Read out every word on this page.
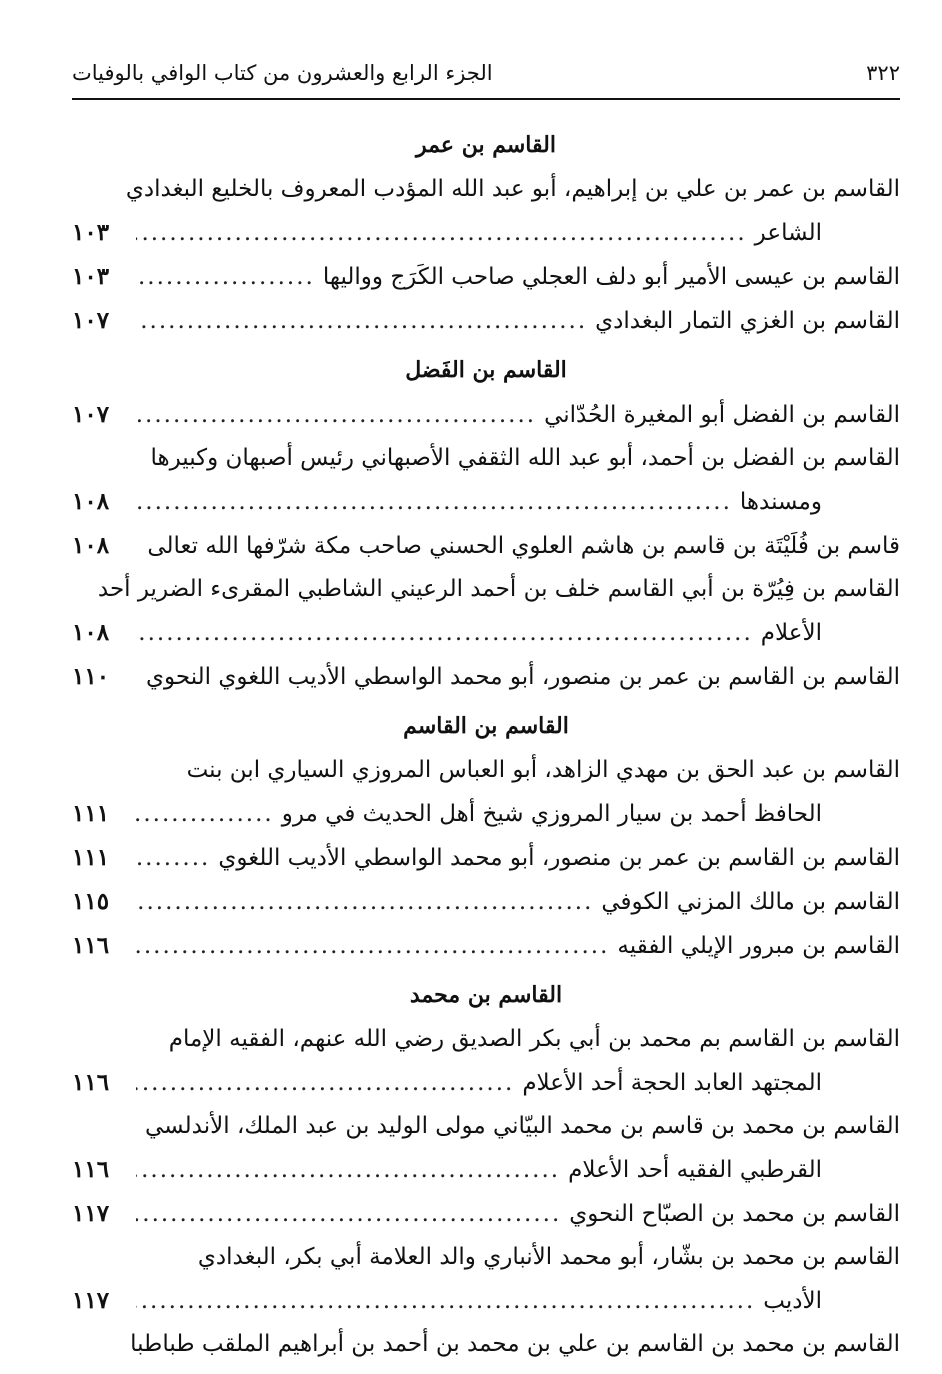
٣٢٢
الجزء الرابع والعشرون من كتاب الوافي بالوفيات
القاسم بن عمر
القاسم بن عمر بن علي بن إبراهيم، أبو عبد الله المؤدب المعروف بالخليع البغدادي
الشاعر
.....
١٠٣
القاسم بن عيسى الأمير أبو دلف العجلي صاحب الكَرَج وواليها
.....
١٠٣
القاسم بن الغزي التمار البغدادي
.....
١٠٧
القاسم بن الفَضل
القاسم بن الفضل أبو المغيرة الحُدّاني
.....
١٠٧
القاسم بن الفضل بن أحمد، أبو عبد الله الثقفي الأصبهاني رئيس أصبهان وكبيرها
ومسندها
.....
١٠٨
قاسم بن فُلَيْتَة بن قاسم بن هاشم العلوي الحسني صاحب مكة شرّفها الله تعالى
.....
١٠٨
القاسم بن فِيُرّة بن أبي القاسم خلف بن أحمد الرعيني الشاطبي المقرىء الضرير أحد
الأعلام
.....
١٠٨
القاسم بن القاسم بن عمر بن منصور، أبو محمد الواسطي الأديب اللغوي النحوي
.....
١١٠
القاسم بن القاسم
القاسم بن عبد الحق بن مهدي الزاهد، أبو العباس المروزي السياري ابن بنت
الحافظ أحمد بن سيار المروزي شيخ أهل الحديث في مرو
.....
١١١
القاسم بن القاسم بن عمر بن منصور، أبو محمد الواسطي الأديب اللغوي
.....
١١١
القاسم بن مالك المزني الكوفي
.....
١١٥
القاسم بن مبرور الإيلي الفقيه
.....
١١٦
القاسم بن محمد
القاسم بن القاسم بم محمد بن أبي بكر الصديق رضي الله عنهم، الفقيه الإمام
المجتهد العابد الحجة أحد الأعلام
.....
١١٦
القاسم بن محمد بن قاسم بن محمد البيّاني مولى الوليد بن عبد الملك، الأندلسي
القرطبي الفقيه أحد الأعلام
.....
١١٦
القاسم بن محمد بن الصبّاح النحوي
.....
١١٧
القاسم بن محمد بن بشّار، أبو محمد الأنباري والد العلامة أبي بكر، البغدادي
الأديب
.....
١١٧
القاسم بن محمد بن القاسم بن علي بن محمد بن أحمد بن أبراهيم الملقب طباطبا
